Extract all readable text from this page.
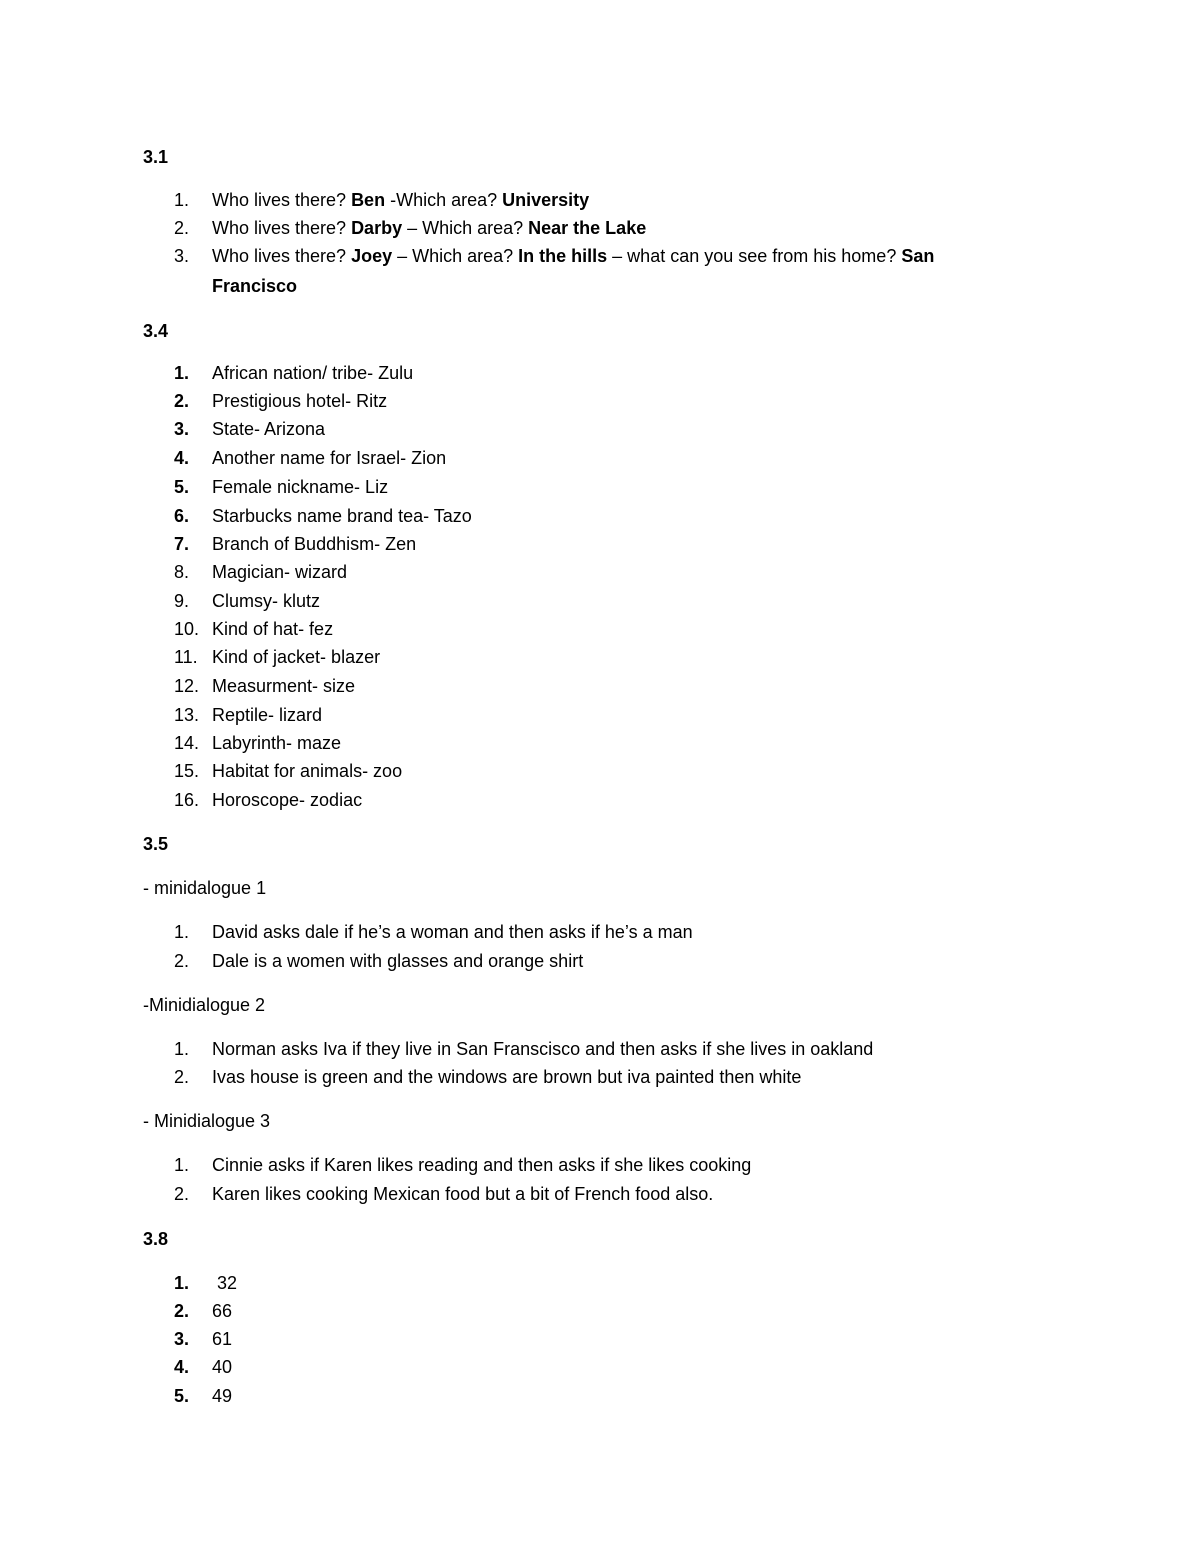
3.1
1.	Who lives there? Ben -Which area? University
2.	Who lives there? Darby – Which area? Near the Lake
3.	Who lives there? Joey – Which area? In the hills – what can you see from his home? San
Francisco
3.4
1.	African nation/ tribe- Zulu
2.	Prestigious hotel- Ritz
3.	State- Arizona
4.	Another name for Israel- Zion
5.	Female nickname- Liz
6.	Starbucks name brand tea- Tazo
7.	Branch of Buddhism- Zen
8.	Magician- wizard
9.	Clumsy- klutz
10. Kind of hat- fez
11. Kind of jacket- blazer
12. Measurment- size
13. Reptile- lizard
14. Labyrinth- maze
15. Habitat for animals- zoo
16. Horoscope- zodiac
3.5
- minidalogue 1
1.	David asks dale if he’s a woman and then asks if he’s a man
2.	Dale is a women with glasses and orange shirt
-Minidialogue 2
1.	Norman asks Iva if they live in San Franscisco and then asks if she lives in oakland
2.	Ivas house is green and the windows are brown but iva painted then white
- Minidialogue 3
1.	Cinnie asks if Karen likes reading and then asks if she likes cooking
2.	Karen likes cooking Mexican food but a bit of French food also.
3.8
1.	32
2.	66
3.	61
4.	40
5.	49
